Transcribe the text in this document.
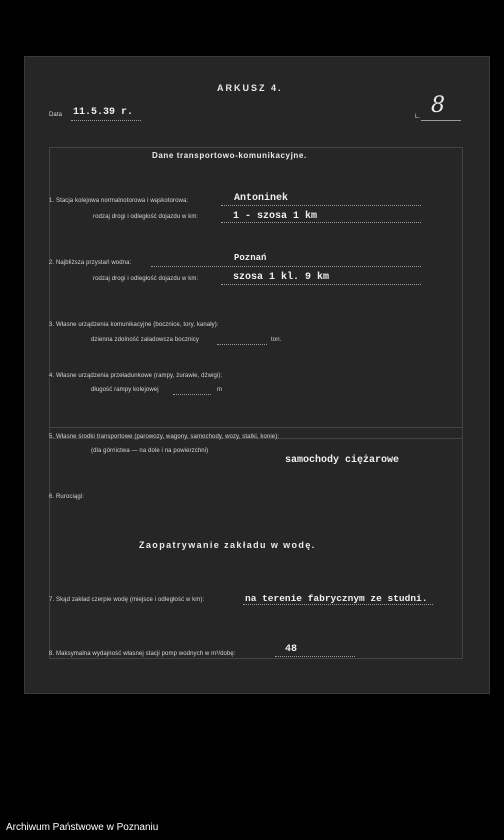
ARKUSZ 4.
Data 11.5.39 r.	L. 8
Dane transportowo-komunikacyjne.
1. Stacja kolejowa normalnotorowa i wąskotorowa:	Antoninek
rodzaj drogi i odległość dojazdu w km:	1 - szosa 1 km
2. Najbliższa przystań wodna:	Poznań
rodzaj drogi i odległość dojazdu w km:	szosa 1 kl. 9 km
3. Własne urządzenia komunikacyjne (bocznice, tory, kanały):
dzienna zdolność załadowcza bocznicy	ton.
4. Własne urządzenia przeładunkowe (rampy, żurawie, dźwigi):
długość rampy kolejowej	m
5. Własne środki transportowe (parowozy, wagony, samochody, wozy, statki, konie):
(dla górnictwa — na dole i na powierzchni)
samochody ciężarowe
6. Rurociągi:
Zaopatrywanie zakładu w wodę.
7. Skąd zakład czerpie wodę (miejsce i odległość w km):	na terenie fabrycznym ze studni.
8. Maksymalna wydajność własnej stacji pomp wodnych w m³/dobę:	48
Archiwum Państwowe w Poznaniu
